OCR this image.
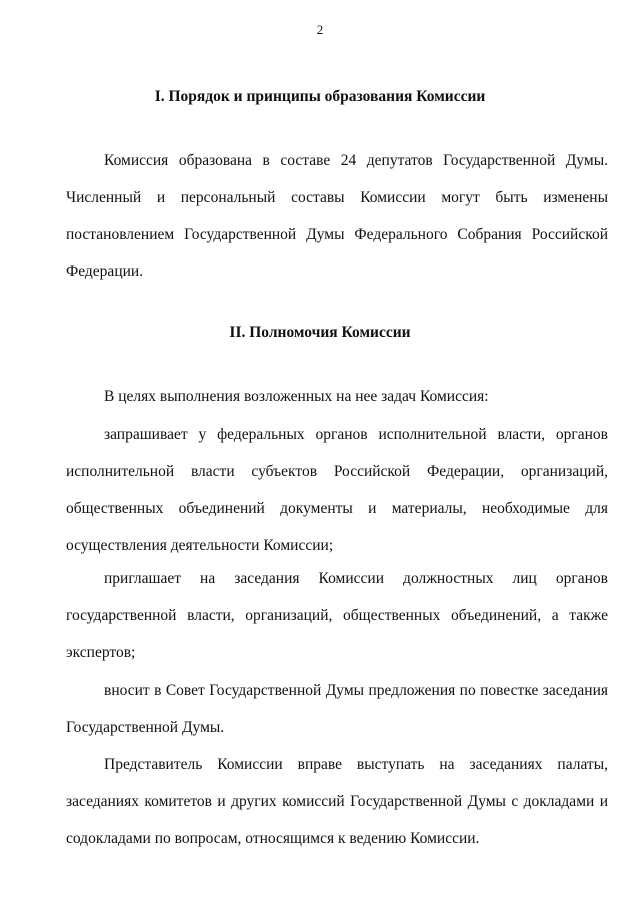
2
I. Порядок и принципы образования Комиссии

Комиссия образована в составе 24 депутатов Государственной Думы. Численный и персональный составы Комиссии могут быть изменены постановлением Государственной Думы Федерального Собрания Российской Федерации.

II. Полномочия Комиссии

В целях выполнения возложенных на нее задач Комиссия:

запрашивает у федеральных органов исполнительной власти, органов исполнительной власти субъектов Российской Федерации, организаций, общественных объединений документы и материалы, необходимые для осуществления деятельности Комиссии;

приглашает на заседания Комиссии должностных лиц органов государственной власти, организаций, общественных объединений, а также экспертов;

вносит в Совет Государственной Думы предложения по повестке заседания Государственной Думы.

Представитель Комиссии вправе выступать на заседаниях палаты, заседаниях комитетов и других комиссий Государственной Думы с докладами и содокладами по вопросам, относящимся к ведению Комиссии.
